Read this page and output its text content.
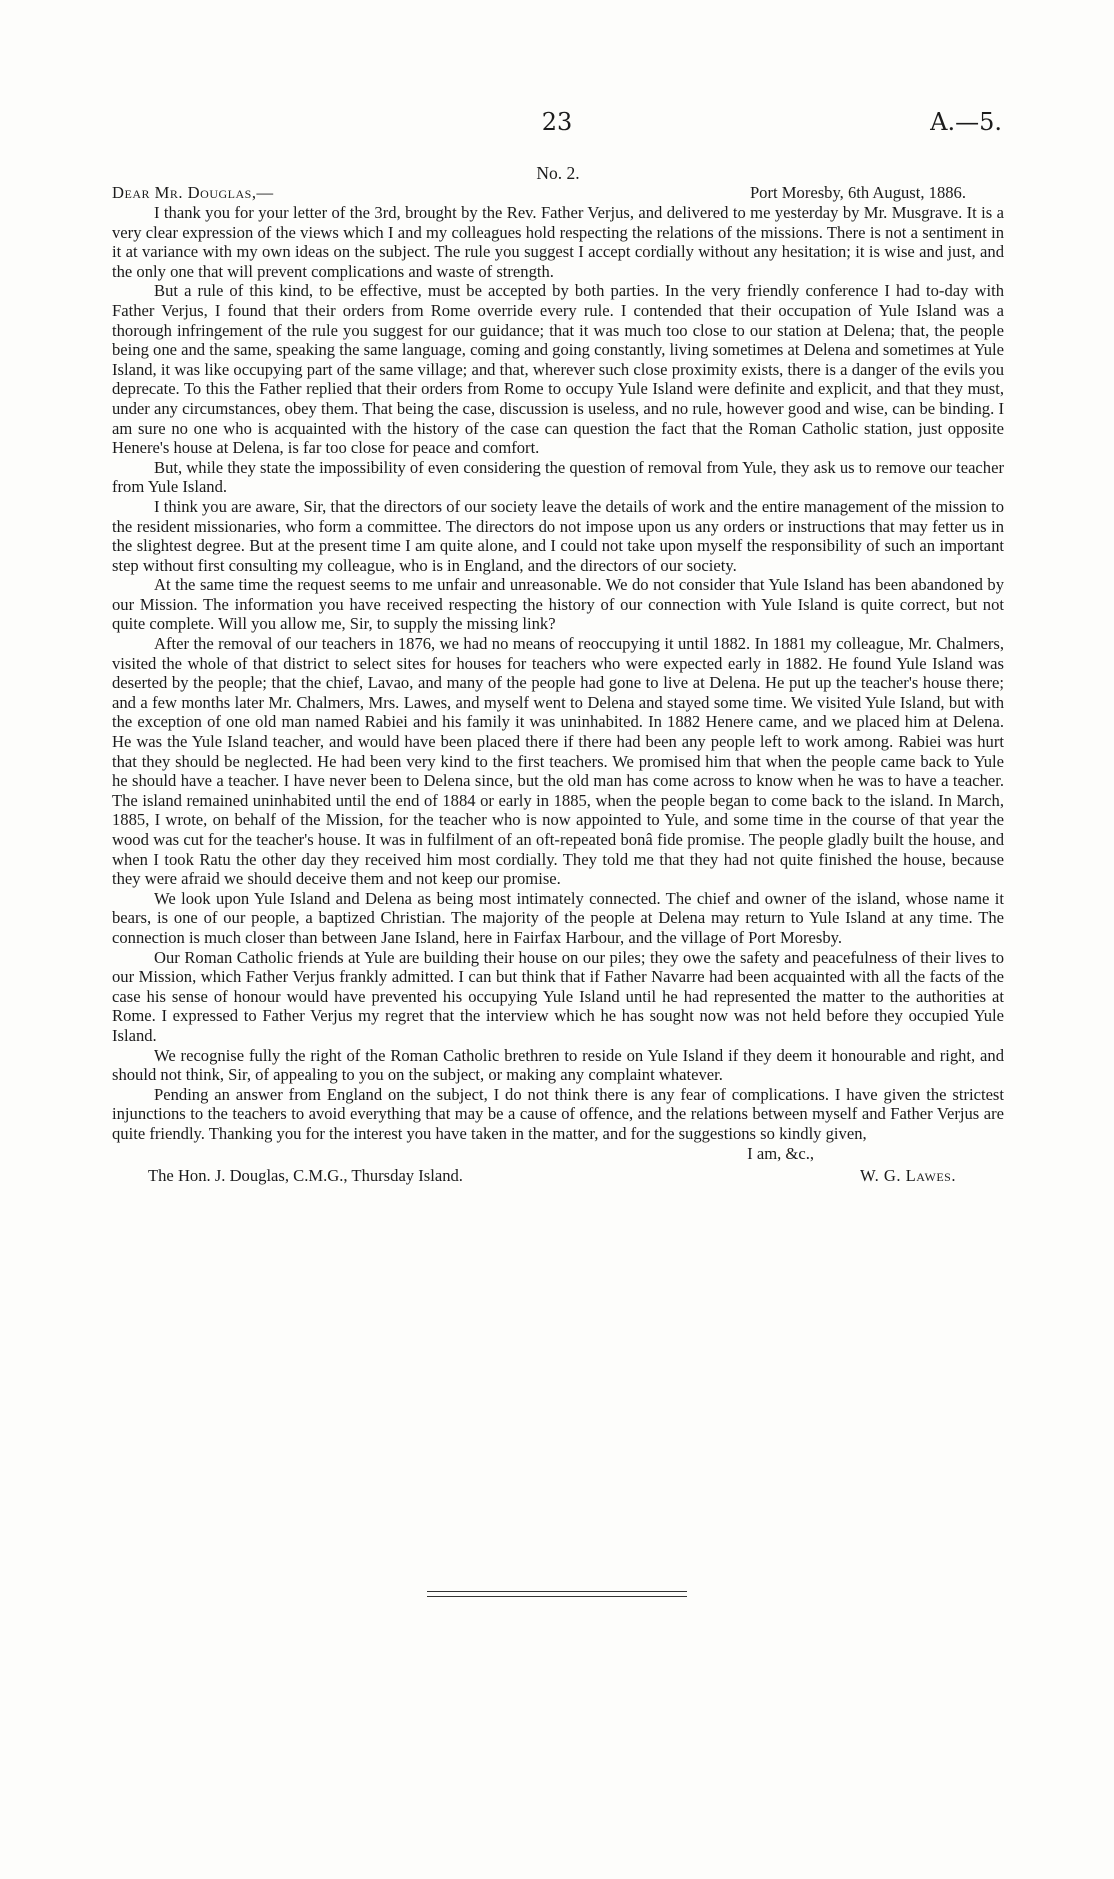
23	A.—5.
No. 2.
Dear Mr. Douglas,—	Port Moresby, 6th August, 1886.

I thank you for your letter of the 3rd, brought by the Rev. Father Verjus, and delivered to me yesterday by Mr. Musgrave. It is a very clear expression of the views which I and my colleagues hold respecting the relations of the missions. There is not a sentiment in it at variance with my own ideas on the subject. The rule you suggest I accept cordially without any hesitation; it is wise and just, and the only one that will prevent complications and waste of strength.

But a rule of this kind, to be effective, must be accepted by both parties. In the very friendly conference I had to-day with Father Verjus, I found that their orders from Rome override every rule. I contended that their occupation of Yule Island was a thorough infringement of the rule you suggest for our guidance; that it was much too close to our station at Delena; that, the people being one and the same, speaking the same language, coming and going constantly, living sometimes at Delena and sometimes at Yule Island, it was like occupying part of the same village; and that, wherever such close proximity exists, there is a danger of the evils you deprecate. To this the Father replied that their orders from Rome to occupy Yule Island were definite and explicit, and that they must, under any circumstances, obey them. That being the case, discussion is useless, and no rule, however good and wise, can be binding. I am sure no one who is acquainted with the history of the case can question the fact that the Roman Catholic station, just opposite Henere's house at Delena, is far too close for peace and comfort.

But, while they state the impossibility of even considering the question of removal from Yule, they ask us to remove our teacher from Yule Island.

I think you are aware, Sir, that the directors of our society leave the details of work and the entire management of the mission to the resident missionaries, who form a committee. The directors do not impose upon us any orders or instructions that may fetter us in the slightest degree. But at the present time I am quite alone, and I could not take upon myself the responsibility of such an important step without first consulting my colleague, who is in England, and the directors of our society.

At the same time the request seems to me unfair and unreasonable. We do not consider that Yule Island has been abandoned by our Mission. The information you have received respecting the history of our connection with Yule Island is quite correct, but not quite complete. Will you allow me, Sir, to supply the missing link?

After the removal of our teachers in 1876, we had no means of reoccupying it until 1882. In 1881 my colleague, Mr. Chalmers, visited the whole of that district to select sites for houses for teachers who were expected early in 1882. He found Yule Island was deserted by the people; that the chief, Lavao, and many of the people had gone to live at Delena. He put up the teacher's house there; and a few months later Mr. Chalmers, Mrs. Lawes, and myself went to Delena and stayed some time. We visited Yule Island, but with the exception of one old man named Rabiei and his family it was uninhabited. In 1882 Henere came, and we placed him at Delena. He was the Yule Island teacher, and would have been placed there if there had been any people left to work among. Rabiei was hurt that they should be neglected. He had been very kind to the first teachers. We promised him that when the people came back to Yule he should have a teacher. I have never been to Delena since, but the old man has come across to know when he was to have a teacher. The island remained uninhabited until the end of 1884 or early in 1885, when the people began to come back to the island. In March, 1885, I wrote, on behalf of the Mission, for the teacher who is now appointed to Yule, and some time in the course of that year the wood was cut for the teacher's house. It was in fulfilment of an oft-repeated bonâ fide promise. The people gladly built the house, and when I took Ratu the other day they received him most cordially. They told me that they had not quite finished the house, because they were afraid we should deceive them and not keep our promise.

We look upon Yule Island and Delena as being most intimately connected. The chief and owner of the island, whose name it bears, is one of our people, a baptized Christian. The majority of the people at Delena may return to Yule Island at any time. The connection is much closer than between Jane Island, here in Fairfax Harbour, and the village of Port Moresby.

Our Roman Catholic friends at Yule are building their house on our piles; they owe the safety and peacefulness of their lives to our Mission, which Father Verjus frankly admitted. I can but think that if Father Navarre had been acquainted with all the facts of the case his sense of honour would have prevented his occupying Yule Island until he had represented the matter to the authorities at Rome. I expressed to Father Verjus my regret that the interview which he has sought now was not held before they occupied Yule Island.

We recognise fully the right of the Roman Catholic brethren to reside on Yule Island if they deem it honourable and right, and should not think, Sir, of appealing to you on the subject, or making any complaint whatever.

Pending an answer from England on the subject, I do not think there is any fear of complications. I have given the strictest injunctions to the teachers to avoid everything that may be a cause of offence, and the relations between myself and Father Verjus are quite friendly. Thanking you for the interest you have taken in the matter, and for the suggestions so kindly given,

I am, &c.,
The Hon. J. Douglas, C.M.G., Thursday Island.	W. G. Lawes.
